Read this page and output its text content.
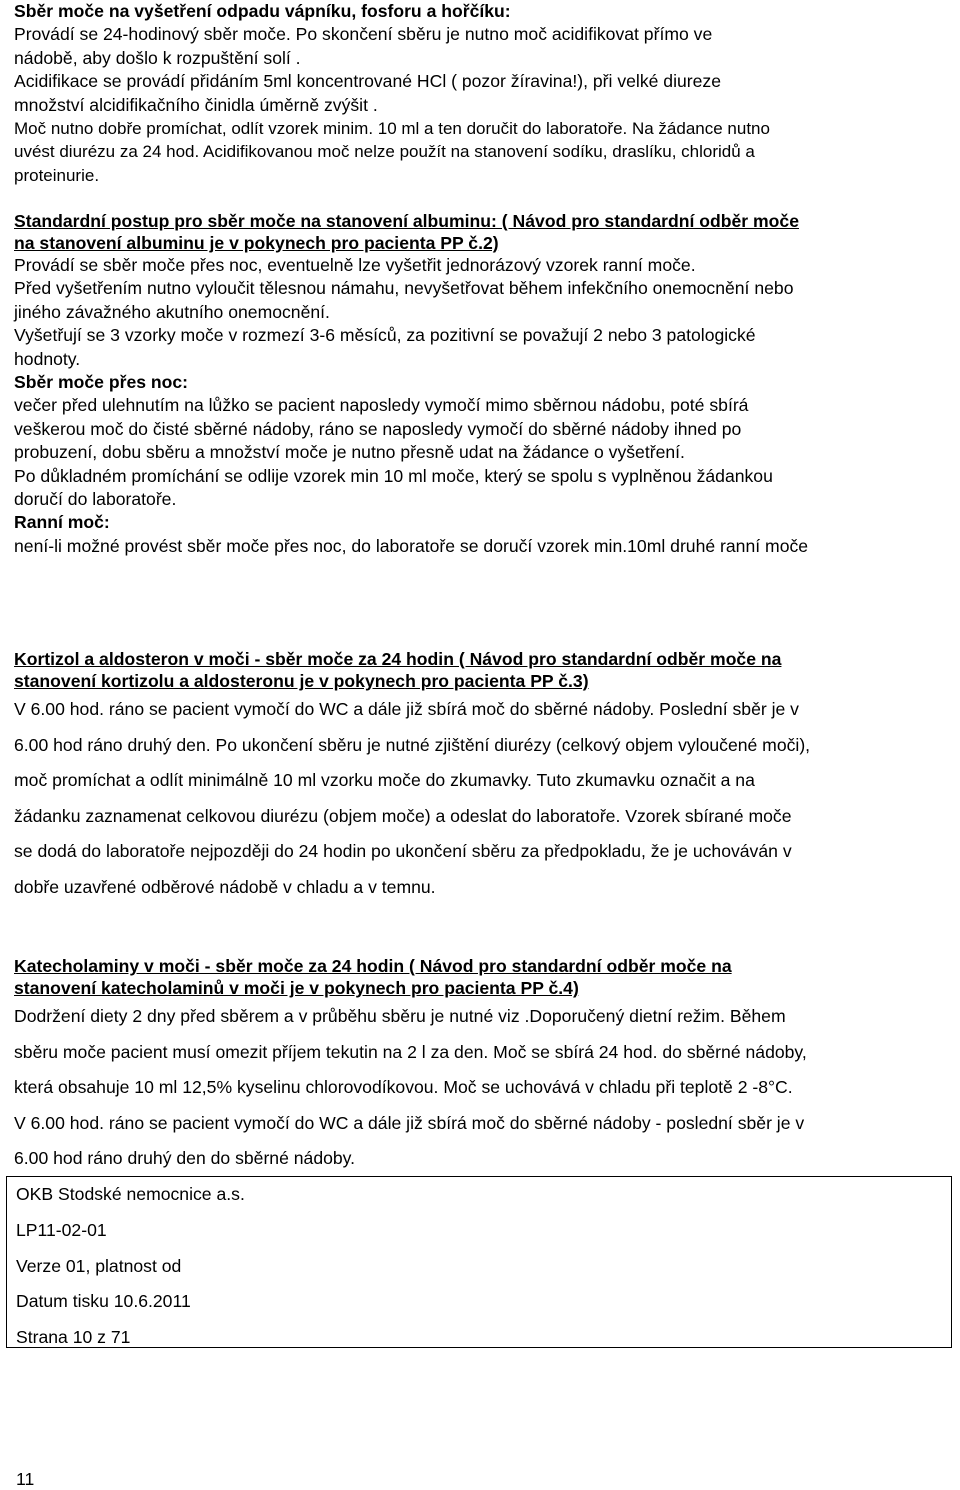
Sběr moče na vyšetření odpadu vápníku, fosforu a hořčíku:

Provádí se 24-hodinový sběr moče. Po skončení sběru je nutno moč acidifikovat přímo ve

nádobě, aby došlo k rozpuštění solí .

Acidifikace se provádí přidáním 5ml koncentrované HCl ( pozor žíravina!), při velké diureze

množství alcidifikačního činidla úměrně zvýšit .

Moč nutno dobře promíchat, odlít vzorek minim. 10 ml a ten doručit do laboratoře. Na žádance nutno

uvést diurézu za 24 hod. Acidifikovanou moč nelze použít na stanovení sodíku, draslíku, chloridů a

proteinurie.

Standardní postup pro sběr moče na stanovení albuminu: ( Návod pro standardní odběr moče

na stanovení albuminu je v pokynech pro pacienta PP č.2)

Provádí se sběr moče přes noc, eventuelně lze vyšetřit jednorázový vzorek ranní moče.

Před vyšetřením nutno vyloučit tělesnou námahu, nevyšetřovat během infekčního onemocnění nebo

jiného závažného akutního onemocnění.

Vyšetřují se 3 vzorky moče v rozmezí 3-6 měsíců, za pozitivní se považují 2 nebo 3 patologické

hodnoty.

Sběr moče přes noc:

večer před ulehnutím na lůžko se pacient naposledy vymočí mimo sběrnou nádobu, poté sbírá

veškerou moč do čisté sběrné nádoby, ráno se naposledy vymočí do sběrné nádoby ihned po

probuzení, dobu sběru a množství moče je nutno přesně udat na žádance o vyšetření.

Po důkladném promíchání se odlije vzorek min 10 ml moče, který se spolu s vyplněnou žádankou

doručí do laboratoře.

Ranní moč:

není-li možné provést sběr moče přes noc, do laboratoře se doručí vzorek min.10ml druhé ranní moče

Kortizol a aldosteron v moči - sběr moče za 24 hodin ( Návod pro standardní odběr moče na

stanovení kortizolu a aldosteronu je v pokynech pro pacienta PP č.3)

V 6.00 hod. ráno se pacient vymočí do WC a dále již sbírá moč do sběrné nádoby. Poslední sběr je v

6.00 hod ráno druhý den. Po ukončení sběru je nutné zjištění diurézy (celkový objem vyloučené moči),

moč promíchat a odlít minimálně 10 ml vzorku moče do zkumavky. Tuto zkumavku označit a na

žádanku zaznamenat celkovou diurézu (objem moče) a odeslat do laboratoře. Vzorek sbírané moče

se dodá do laboratoře nejpozději do 24 hodin po ukončení sběru za předpokladu, že je uchováván v

dobře uzavřené odběrové nádobě v chladu a v temnu.

Katecholaminy v moči - sběr moče za 24 hodin ( Návod pro standardní odběr moče na

stanovení katecholaminů v moči je v pokynech pro pacienta PP č.4)

Dodržení diety 2 dny před sběrem a v průběhu sběru je nutné viz .Doporučený dietní režim. Během

sběru moče pacient musí omezit příjem tekutin na 2 l za den. Moč se sbírá 24 hod. do sběrné nádoby,

která obsahuje 10 ml 12,5% kyselinu chlorovodíkovou. Moč se uchovává v chladu při teplotě 2 -8°C.

V 6.00 hod. ráno se pacient vymočí do WC a dále již sbírá moč do sběrné nádoby - poslední sběr je v

6.00 hod ráno druhý den do sběrné nádoby.

OKB Stodské nemocnice a.s.
LP11-02-01
Verze 01, platnost od
Datum tisku 10.6.2011
Strana 10 z 71
11
